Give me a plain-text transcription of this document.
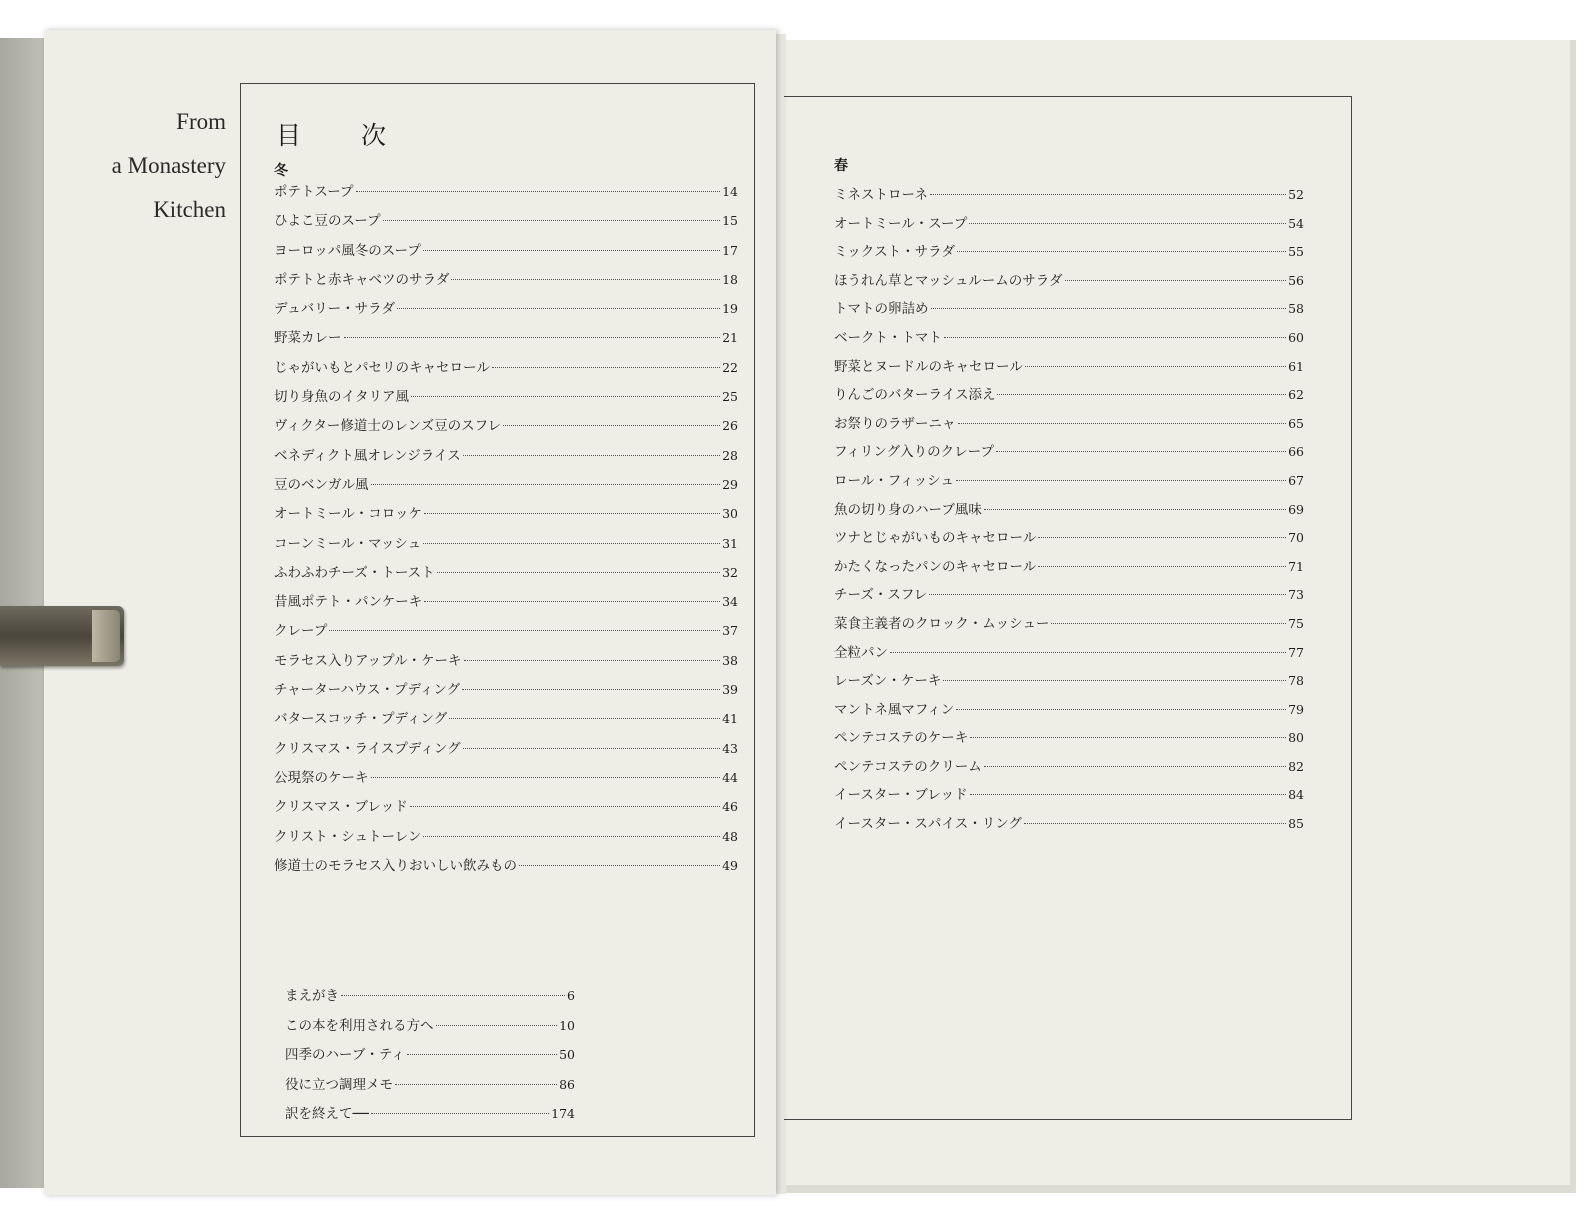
From
a Monastery
Kitchen
目 次
冬
ポテトスープ	14
ひよこ豆のスープ	15
ヨーロッパ風冬のスープ	17
ポテトと赤キャベツのサラダ	18
デュバリー・サラダ	19
野菜カレー	21
じゃがいもとパセリのキャセロール	22
切り身魚のイタリア風	25
ヴィクター修道士のレンズ豆のスフレ	26
ベネディクト風オレンジライス	28
豆のベンガル風	29
オートミール・コロッケ	30
コーンミール・マッシュ	31
ふわふわチーズ・トースト	32
昔風ポテト・パンケーキ	34
クレープ	37
モラセス入りアップル・ケーキ	38
チャーターハウス・プディング	39
バタースコッチ・プディング	41
クリスマス・ライスプディング	43
公現祭のケーキ	44
クリスマス・ブレッド	46
クリスト・シュトーレン	48
修道士のモラセス入りおいしい飲みもの	49
まえがき	6
この本を利用される方へ	10
四季のハーブ・ティ	50
役に立つ調理メモ	86
訳を終えて──	174
春
ミネストローネ	52
オートミール・スープ	54
ミックスト・サラダ	55
ほうれん草とマッシュルームのサラダ	56
トマトの卵詰め	58
ベークト・トマト	60
野菜とヌードルのキャセロール	61
りんごのバターライス添え	62
お祭りのラザーニャ	65
フィリング入りのクレープ	66
ロール・フィッシュ	67
魚の切り身のハーブ風味	69
ツナとじゃがいものキャセロール	70
かたくなったパンのキャセロール	71
チーズ・スフレ	73
菜食主義者のクロック・ムッシュー	75
全粒パン	77
レーズン・ケーキ	78
マントネ風マフィン	79
ペンテコステのケーキ	80
ペンテコステのクリーム	82
イースター・ブレッド	84
イースター・スパイス・リング	85
